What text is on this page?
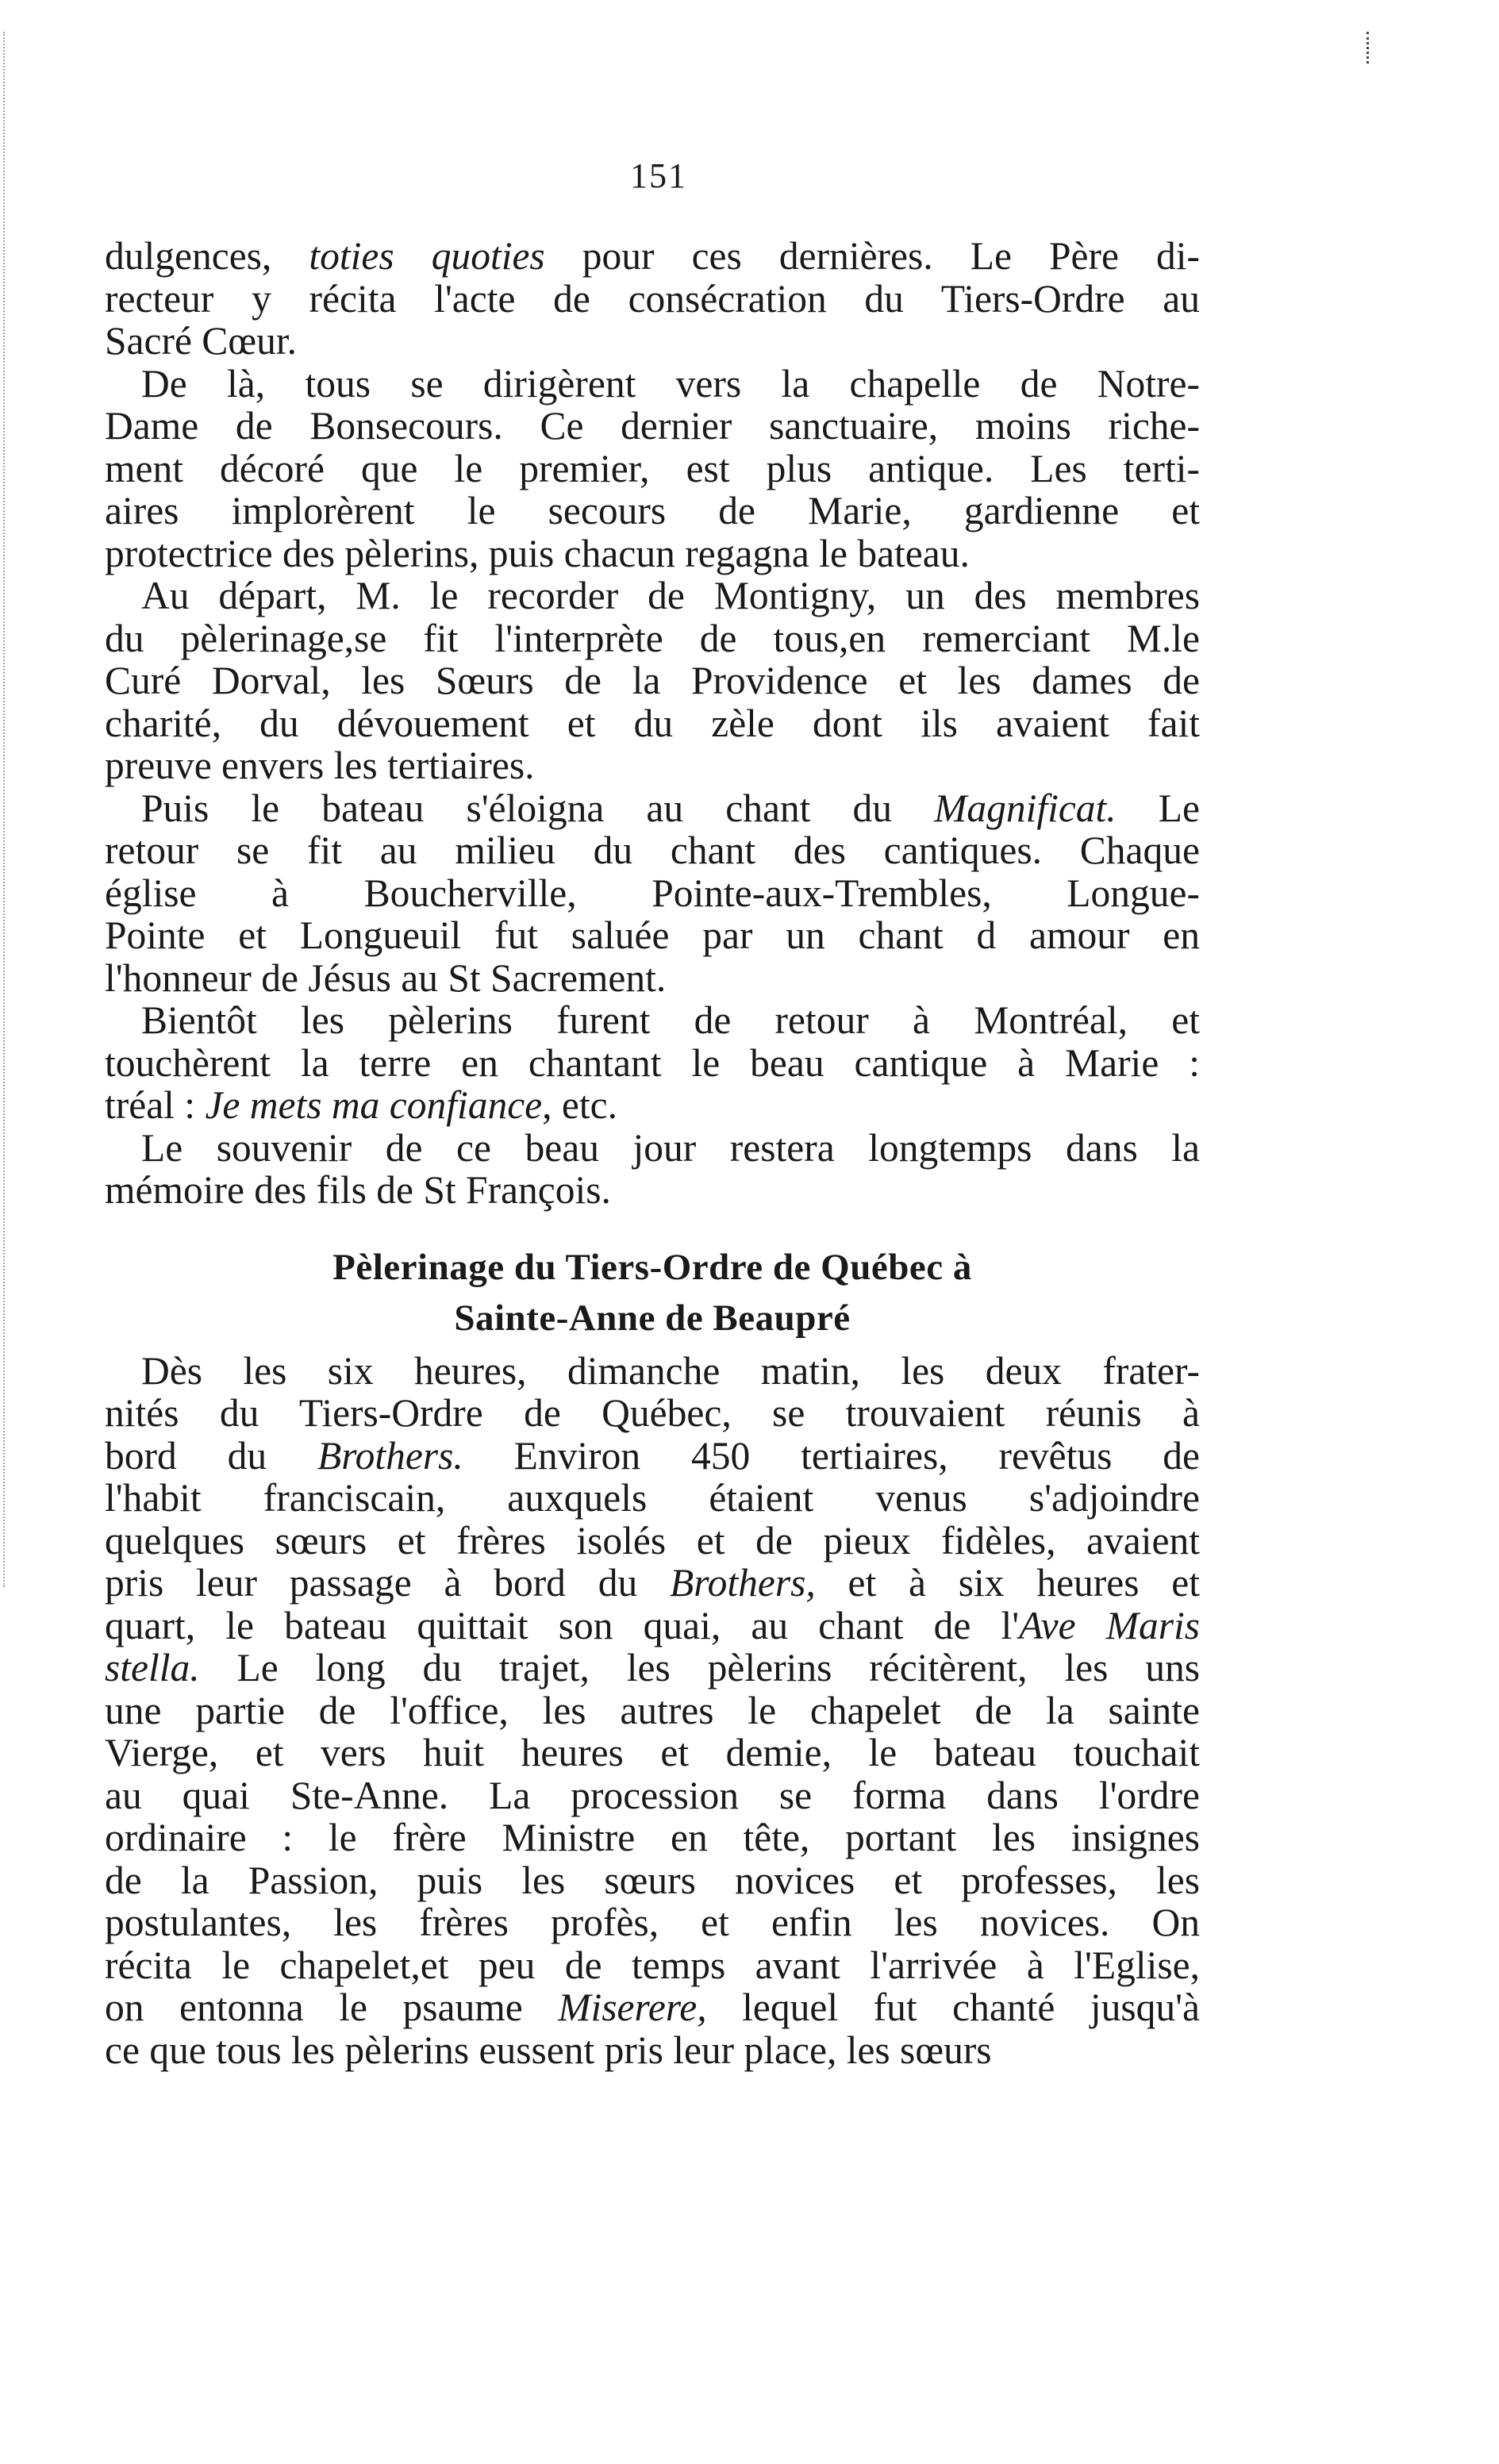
151
dulgences, toties quoties pour ces dernières. Le Père di-
recteur y récita l'acte de consécration du Tiers-Ordre au
Sacré Cœur.
De là, tous se dirigèrent vers la chapelle de Notre-
Dame de Bonsecours. Ce dernier sanctuaire, moins riche-
ment décoré que le premier, est plus antique. Les terti-
aires implorèrent le secours de Marie, gardienne et
protectrice des pèlerins, puis chacun regagna le bateau.
Au départ, M. le recorder de Montigny, un des membres
du pèlerinage,se fit l'interprète de tous,en remerciant M.le
Curé Dorval, les Sœurs de la Providence et les dames de
charité, du dévouement et du zèle dont ils avaient fait
preuve envers les tertiaires.
Puis le bateau s'éloigna au chant du Magnificat. Le
retour se fit au milieu du chant des cantiques. Chaque
église à Boucherville, Pointe-aux-Trembles, Longue-
Pointe et Longueuil fut saluée par un chant d amour en
l'honneur de Jésus au St Sacrement.
Bientôt les pèlerins furent de retour à Montréal, et
touchèrent la terre en chantant le beau cantique à Marie :
tréal : Je mets ma confiance, etc.
Le souvenir de ce beau jour restera longtemps dans la
mémoire des fils de St François.
Pèlerinage du Tiers-Ordre de Québec à
Sainte-Anne de Beaupré
Dès les six heures, dimanche matin, les deux frater-
nités du Tiers-Ordre de Québec, se trouvaient réunis à
bord du Brothers. Environ 450 tertiaires, revêtus de
l'habit franciscain, auxquels étaient venus s'adjoindre
quelques sœurs et frères isolés et de pieux fidèles, avaient
pris leur passage à bord du Brothers, et à six heures et
quart, le bateau quittait son quai, au chant de l'Ave Maris
stella. Le long du trajet, les pèlerins récitèrent, les uns
une partie de l'office, les autres le chapelet de la sainte
Vierge, et vers huit heures et demie, le bateau touchait
au quai Ste-Anne. La procession se forma dans l'ordre
ordinaire : le frère Ministre en tête, portant les insignes
de la Passion, puis les sœurs novices et professes, les
postulantes, les frères profès, et enfin les novices. On
récita le chapelet,et peu de temps avant l'arrivée à l'Eglise,
on entonna le psaume Miserere, lequel fut chanté jusqu'à
ce que tous les pèlerins eussent pris leur place, les sœurs
